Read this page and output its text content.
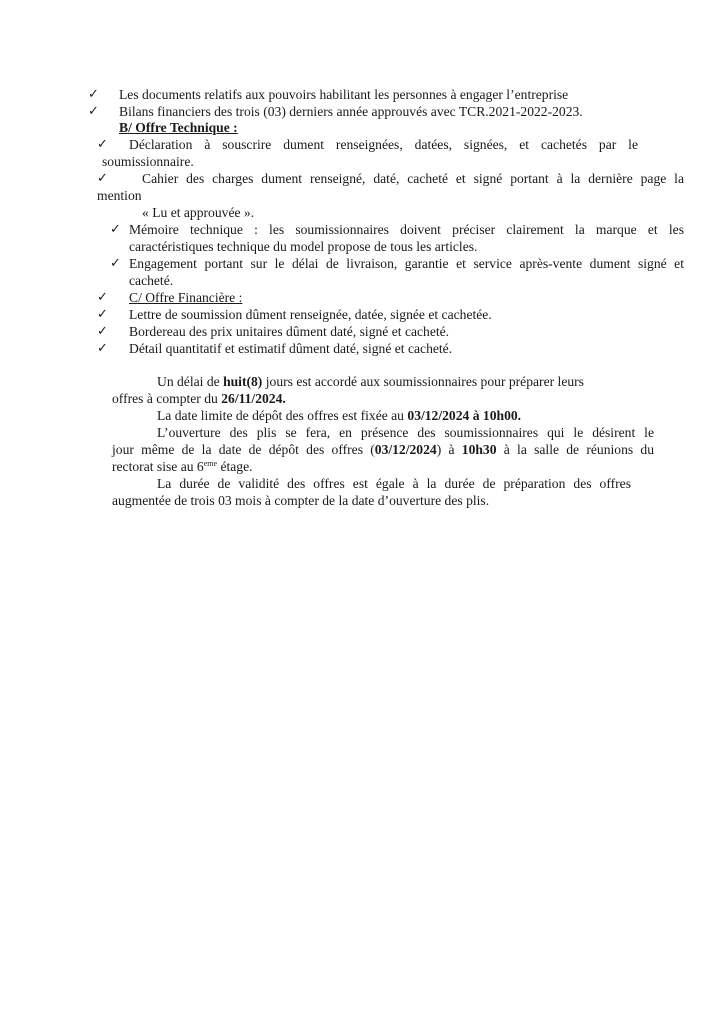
✓
✓
✓
✓
✓
✓
✓
✓
✓
✓
Les documents relatifs aux pouvoirs habilitant les personnes à engager l’entreprise
Bilans financiers des trois (03) derniers année approuvés avec TCR.2021-2022-2023.
B/ Offre Technique :
Déclaration à souscrire dument renseignées, datées, signées, et cachetés par le
soumissionnaire.
Cahier des charges dument renseigné, daté, cacheté et signé portant à la dernière page la
mention
« Lu et approuvée ».
Mémoire technique : les soumissionnaires doivent préciser clairement la marque et les
caractéristiques technique du model propose de tous les articles.
Engagement portant sur le délai de livraison, garantie et service après-vente dument signé et
cacheté.
C/ Offre Financière :
Lettre de soumission dûment renseignée, datée, signée et cachetée.
Bordereau des prix unitaires dûment daté, signé et cacheté.
Détail quantitatif et estimatif dûment daté, signé et cacheté.
Un délai de huit(8) jours est accordé aux soumissionnaires pour préparer leurs
offres à compter du 26/11/2024.
La date limite de dépôt des offres est fixée au 03/12/2024 à 10h00.
L’ouverture des plis se fera, en présence des soumissionnaires qui le désirent le
jour même de la date de dépôt des offres (03/12/2024) à 10h30 à la salle de réunions du
rectorat sise au 6eme étage.
La durée de validité des offres est égale à la durée de préparation des offres
augmentée de trois 03 mois à compter de la date d’ouverture des plis.
